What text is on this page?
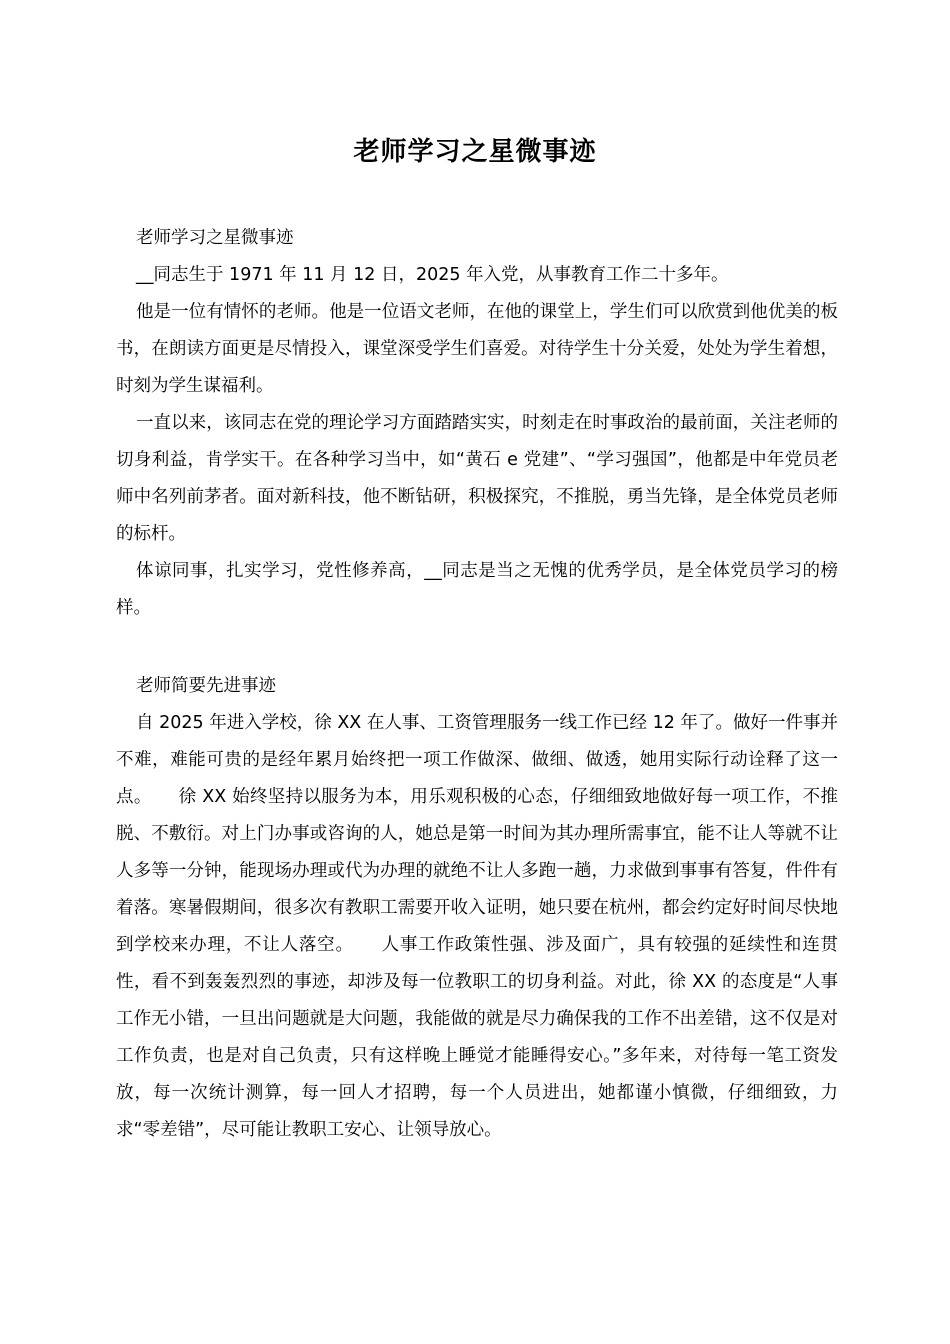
老师学习之星微事迹

老师学习之星微事迹

__同志生于 1971 年 11 月 12 日，2025 年入党，从事教育工作二十多年。

他是一位有情怀的老师。他是一位语文老师，在他的课堂上，学生们可以欣赏到他优美的板书，在朗读方面更是尽情投入，课堂深受学生们喜爱。对待学生十分关爱，处处为学生着想，时刻为学生谋福利。

一直以来，该同志在党的理论学习方面踏踏实实，时刻走在时事政治的最前面，关注老师的切身利益，肯学实干。在各种学习当中，如“黄石 e 党建”、“学习强国”，他都是中年党员老师中名列前茅者。面对新科技，他不断钻研，积极探究，不推脱，勇当先锋，是全体党员老师的标杆。

体谅同事，扎实学习，党性修养高，__同志是当之无愧的优秀学员，是全体党员学习的榜样。

老师简要先进事迹

自 2025 年进入学校，徐 XX 在人事、工资管理服务一线工作已经 12 年了。做好一件事并不难，难能可贵的是经年累月始终把一项工作做深、做细、做透，她用实际行动诠释了这一点。　　徐 XX 始终坚持以服务为本，用乐观积极的心态，仔细细致地做好每一项工作，不推脱、不敷衍。对上门办事或咨询的人，她总是第一时间为其办理所需事宜，能不让人等就不让人多等一分钟，能现场办理或代为办理的就绝不让人多跑一趟，力求做到事事有答复，件件有着落。寒暑假期间，很多次有教职工需要开收入证明，她只要在杭州，都会约定好时间尽快地到学校来办理，不让人落空。　　人事工作政策性强、涉及面广，具有较强的延续性和连贯性，看不到轰轰烈烈的事迹，却涉及每一位教职工的切身利益。对此，徐 XX 的态度是“人事工作无小错，一旦出问题就是大问题，我能做的就是尽力确保我的工作不出差错，这不仅是对工作负责，也是对自己负责，只有这样晚上睡觉才能睡得安心。”多年来，对待每一笔工资发放，每一次统计测算，每一回人才招聘，每一个人员进出，她都谨小慎微，仔细细致，力求“零差错”，尽可能让教职工安心、让领导放心。
